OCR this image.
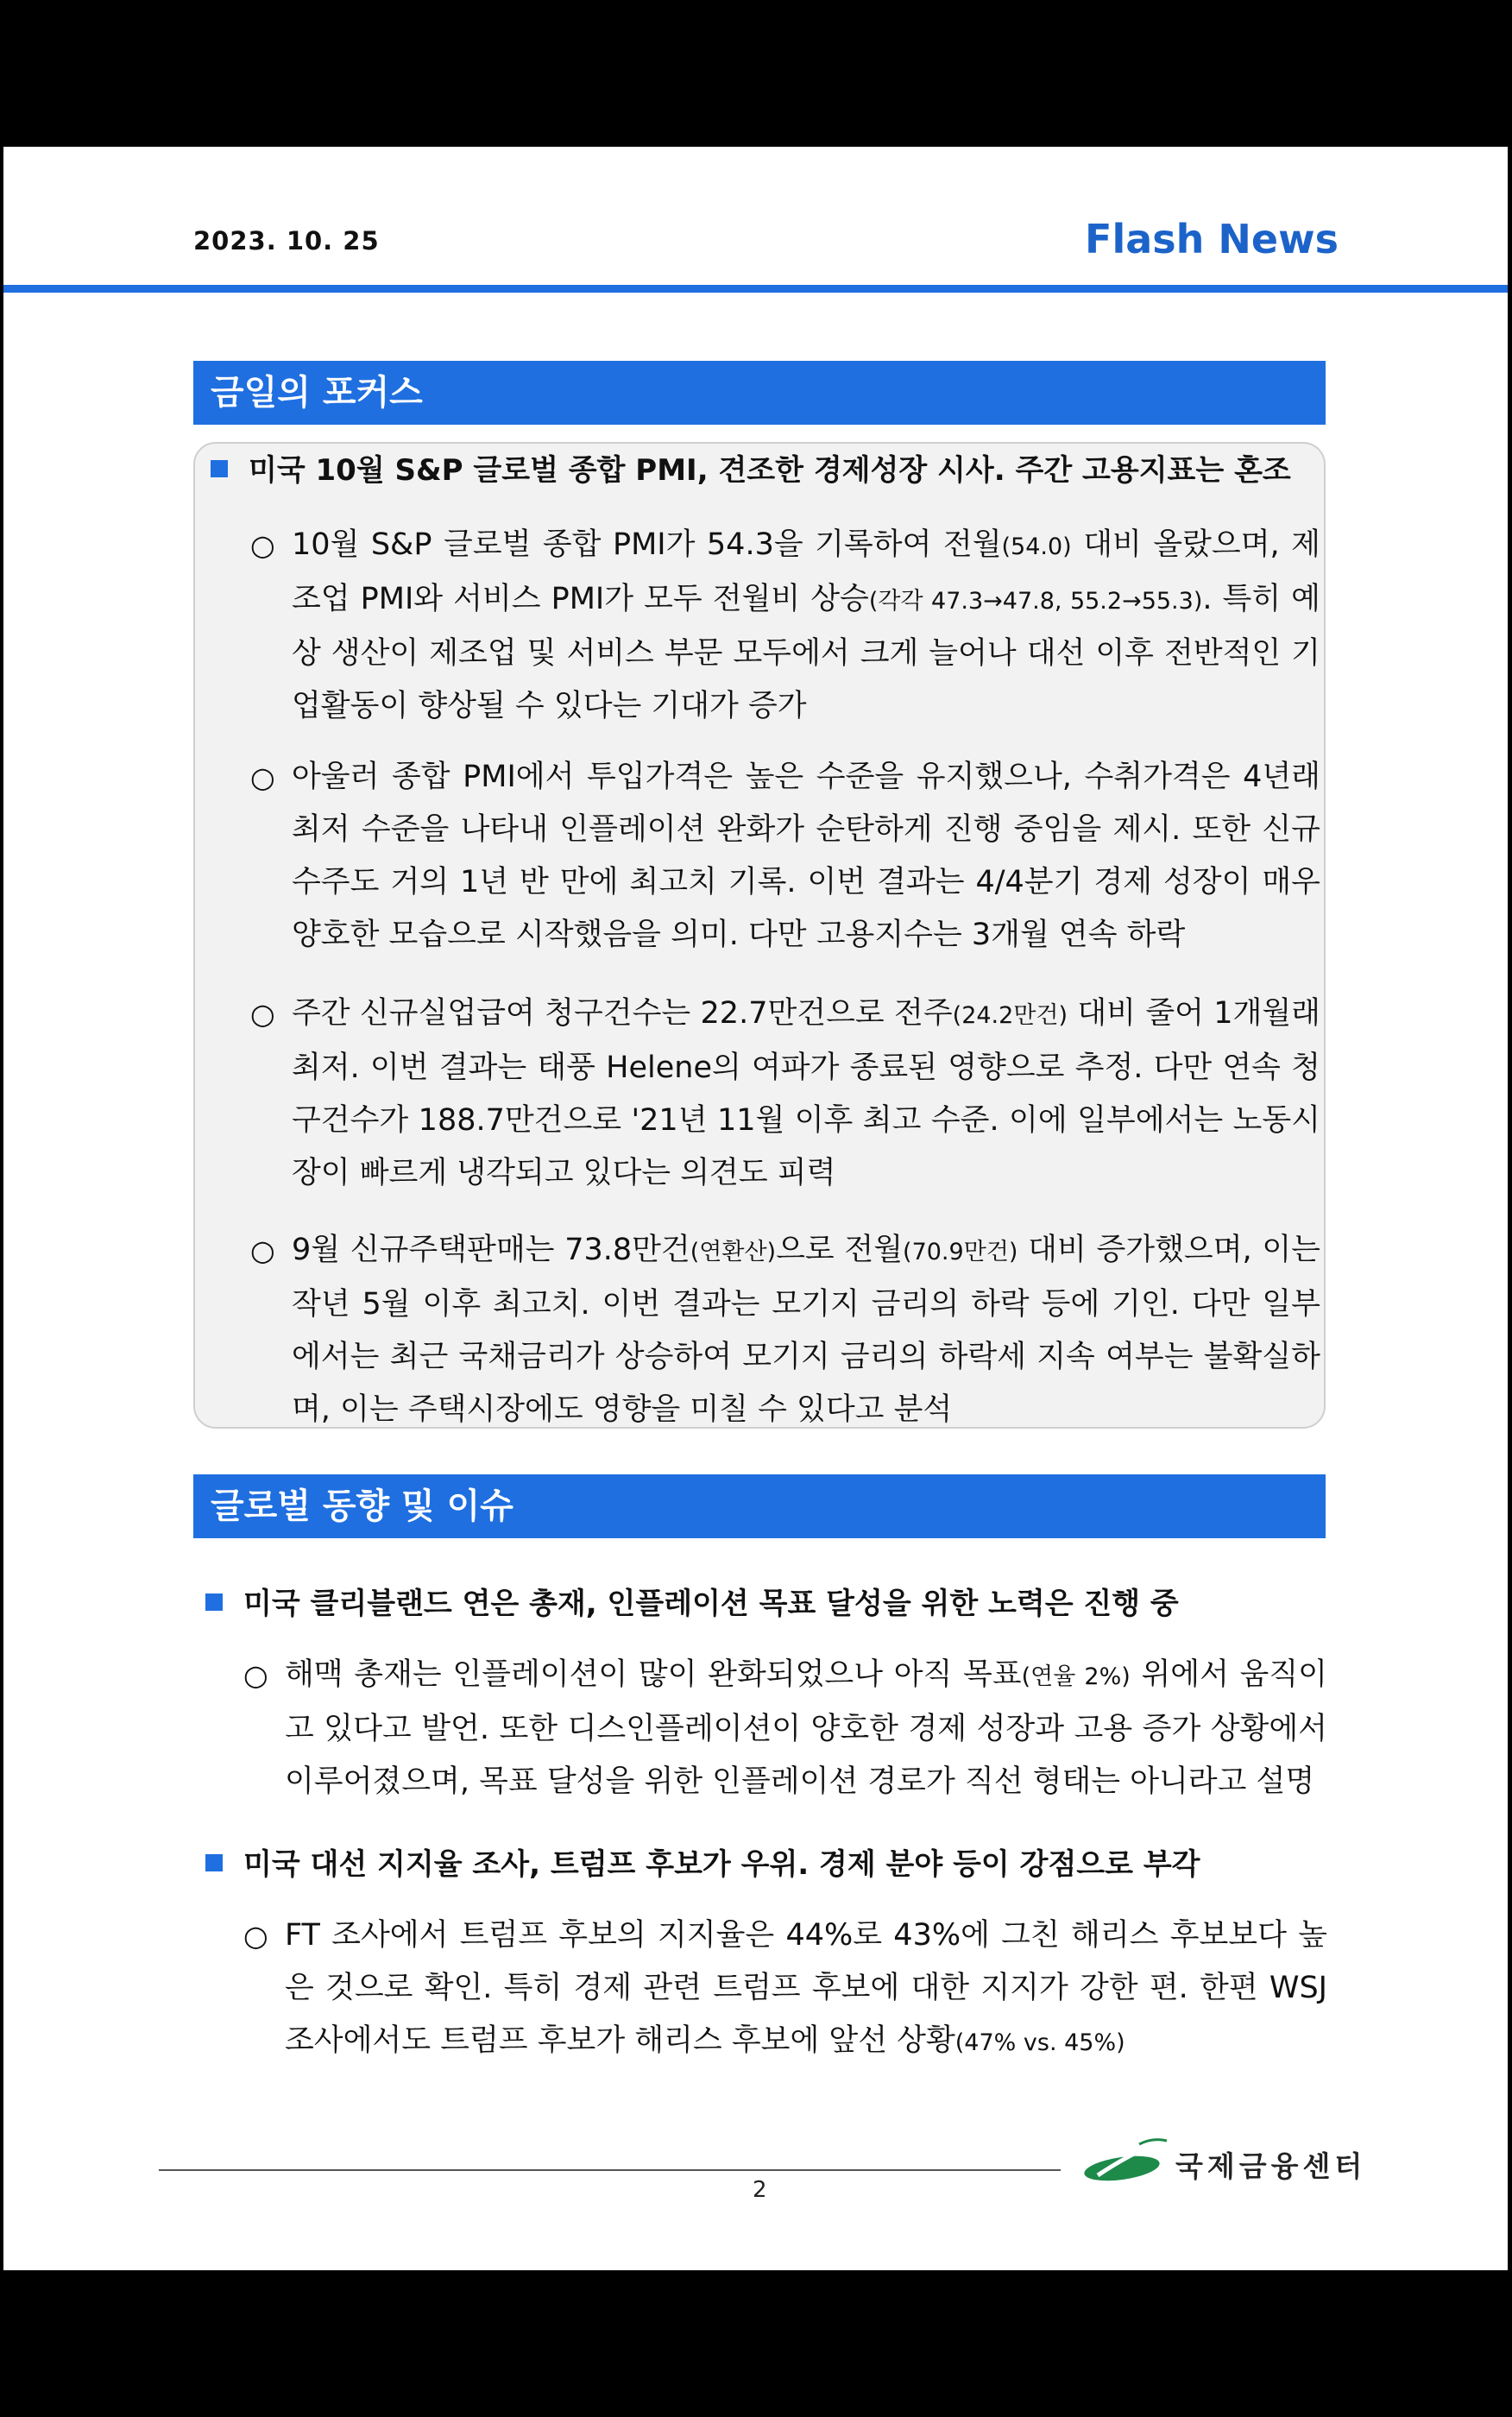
2023. 10. 25	Flash News
금일의 포커스
미국 10월 S&P 글로벌 종합 PMI, 견조한 경제성장 시사. 주간 고용지표는 혼조
○ 10월 S&P 글로벌 종합 PMI가 54.3을 기록하여 전월(54.0) 대비 올랐으며, 제조업 PMI와 서비스 PMI가 모두 전월비 상승(각각 47.3→47.8, 55.2→55.3). 특히 예상 생산이 제조업 및 서비스 부문 모두에서 크게 늘어나 대선 이후 전반적인 기업활동이 향상될 수 있다는 기대가 증가
○ 아울러 종합 PMI에서 투입가격은 높은 수준을 유지했으나, 수취가격은 4년래 최저 수준을 나타내 인플레이션 완화가 순탄하게 진행 중임을 제시. 또한 신규수주도 거의 1년 반 만에 최고치 기록. 이번 결과는 4/4분기 경제 성장이 매우 양호한 모습으로 시작했음을 의미. 다만 고용지수는 3개월 연속 하락
○ 주간 신규실업급여 청구건수는 22.7만건으로 전주(24.2만건) 대비 줄어 1개월래 최저. 이번 결과는 태풍 Helene의 여파가 종료된 영향으로 추정. 다만 연속 청구건수가 188.7만건으로 '21년 11월 이후 최고 수준. 이에 일부에서는 노동시장이 빠르게 냉각되고 있다는 의견도 피력
○ 9월 신규주택판매는 73.8만건(연환산)으로 전월(70.9만건) 대비 증가했으며, 이는 작년 5월 이후 최고치. 이번 결과는 모기지 금리의 하락 등에 기인. 다만 일부에서는 최근 국채금리가 상승하여 모기지 금리의 하락세 지속 여부는 불확실하며, 이는 주택시장에도 영향을 미칠 수 있다고 분석
글로벌 동향 및 이슈
미국 클리블랜드 연은 총재, 인플레이션 목표 달성을 위한 노력은 진행 중
○ 해맥 총재는 인플레이션이 많이 완화되었으나 아직 목표(연율 2%) 위에서 움직이고 있다고 발언. 또한 디스인플레이션이 양호한 경제 성장과 고용 증가 상황에서 이루어졌으며, 목표 달성을 위한 인플레이션 경로가 직선 형태는 아니라고 설명
미국 대선 지지율 조사, 트럼프 후보가 우위. 경제 분야 등이 강점으로 부각
○ FT 조사에서 트럼프 후보의 지지율은 44%로 43%에 그친 해리스 후보보다 높은 것으로 확인. 특히 경제 관련 트럼프 후보에 대한 지지가 강한 편. 한편 WSJ 조사에서도 트럼프 후보가 해리스 후보에 앞선 상황(47% vs. 45%)
국제금융센터
2
